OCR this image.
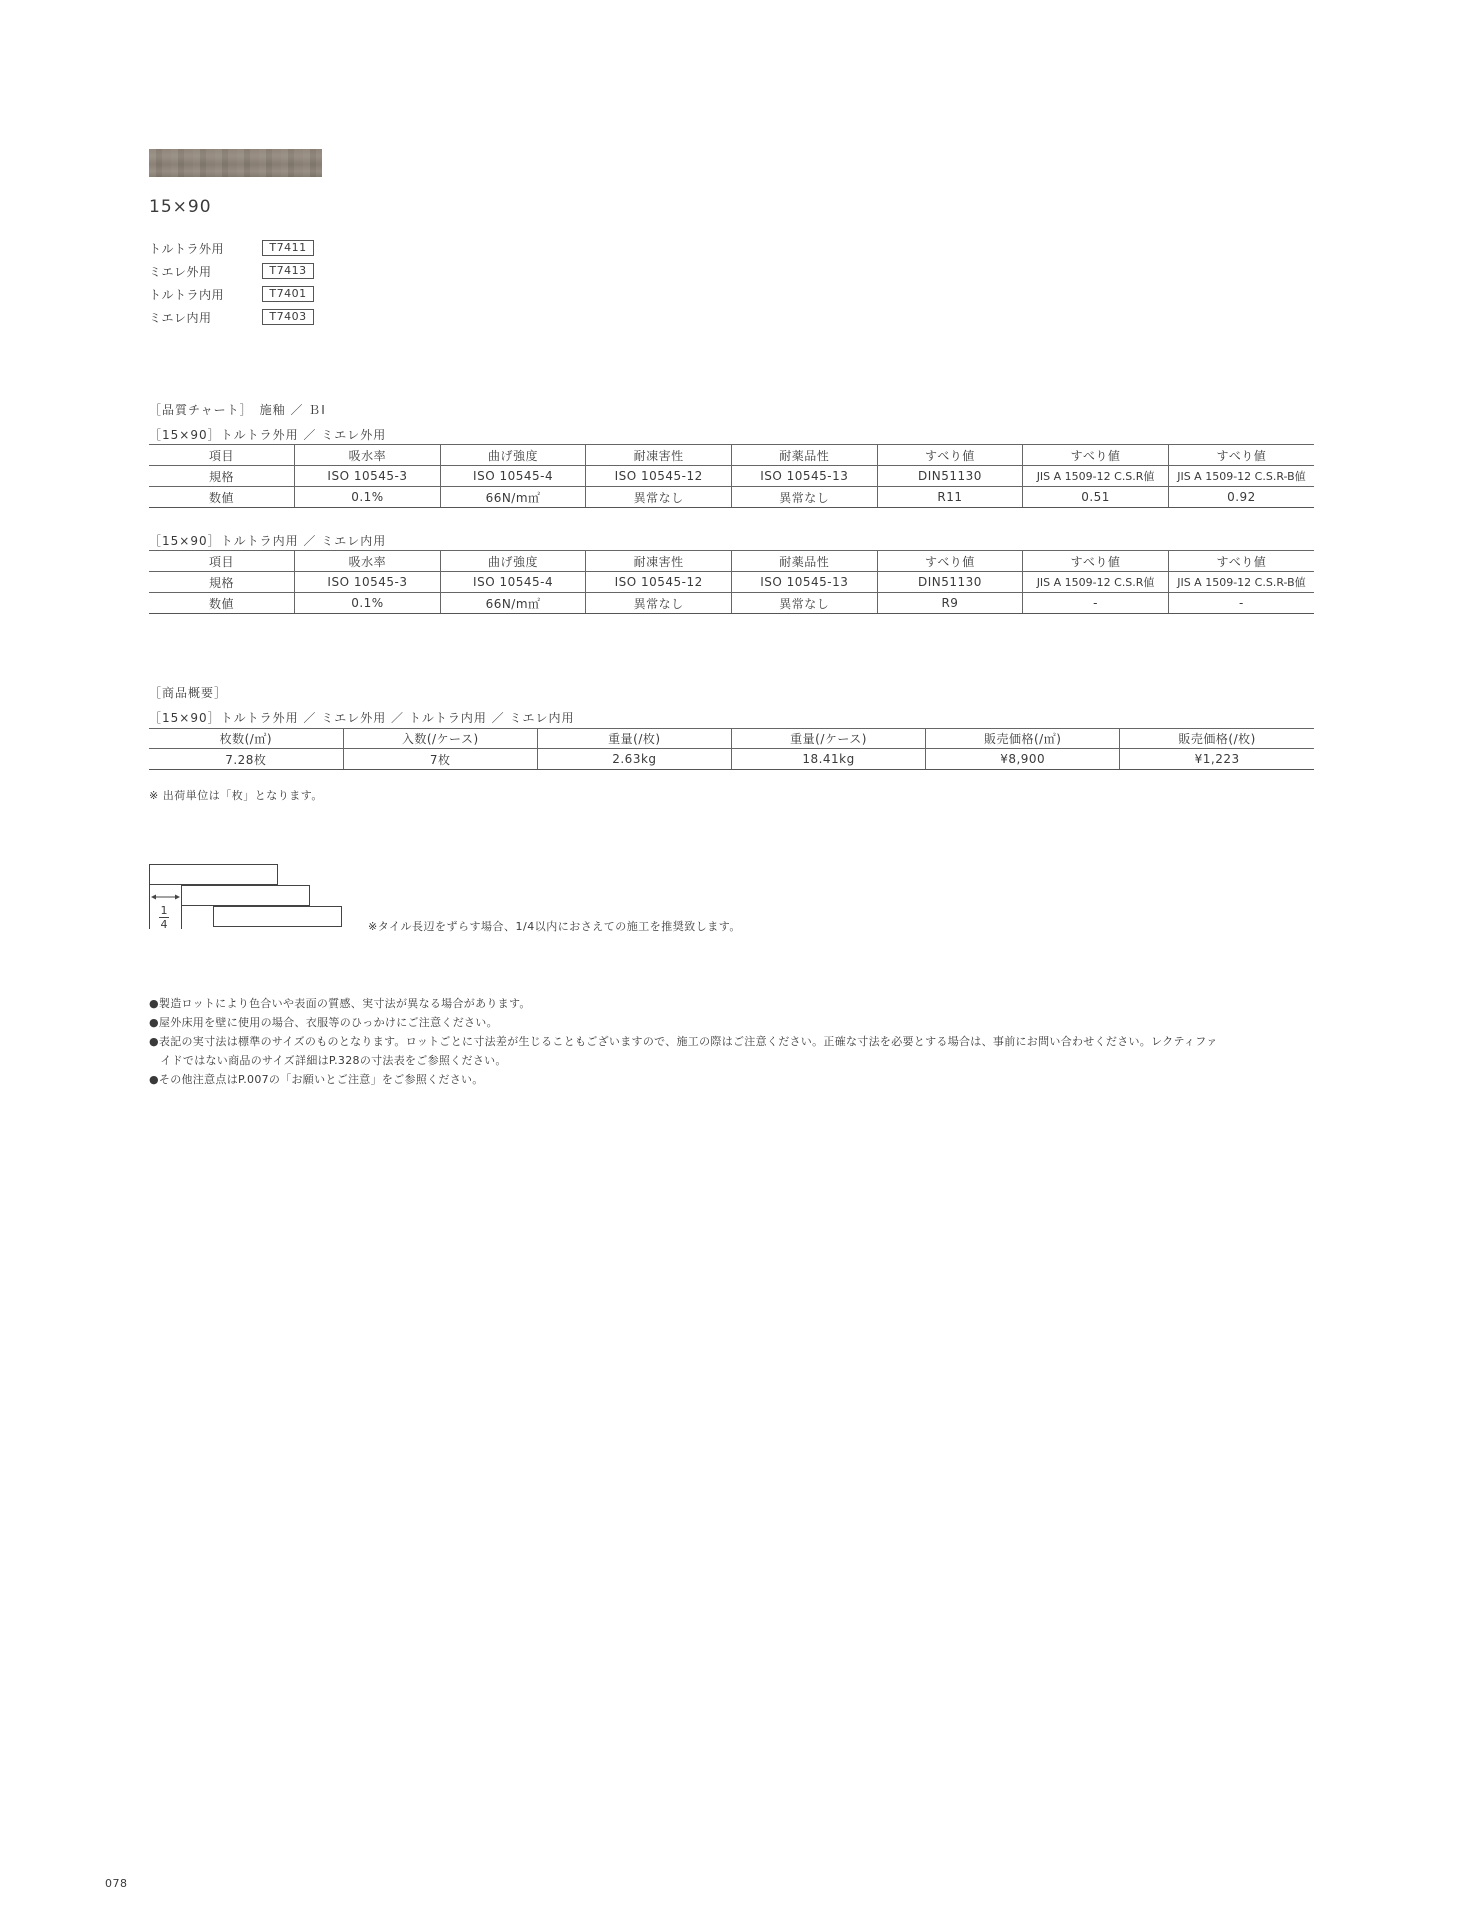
15×90
トルトラ外用	T7411
ミエレ外用	T7413
トルトラ内用	T7401
ミエレ内用	T7403
［品質チャート］　施釉 ／ ＢⅠ
［15×90］トルトラ外用 ／ ミエレ外用
項目	吸水率	曲げ強度	耐凍害性	耐薬品性	すべり値	すべり値	すべり値
規格	ISO 10545-3	ISO 10545-4	ISO 10545-12	ISO 10545-13	DIN51130	JIS A 1509-12 C.S.R値	JIS A 1509-12 C.S.R-B値
数値	0.1%	66N/m㎡	異常なし	異常なし	R11	0.51	0.92
［15×90］トルトラ内用 ／ ミエレ内用
項目	吸水率	曲げ強度	耐凍害性	耐薬品性	すべり値	すべり値	すべり値
規格	ISO 10545-3	ISO 10545-4	ISO 10545-12	ISO 10545-13	DIN51130	JIS A 1509-12 C.S.R値	JIS A 1509-12 C.S.R-B値
数値	0.1%	66N/m㎡	異常なし	異常なし	R9	-	-
［商品概要］
［15×90］トルトラ外用 ／ ミエレ外用 ／ トルトラ内用 ／ ミエレ内用
枚数(/㎡)	入数(/ケース)	重量(/枚)	重量(/ケース)	販売価格(/㎡)	販売価格(/枚)
7.28枚	7枚	2.63kg	18.41kg	¥8,900	¥1,223
※ 出荷単位は「枚」となります。
1
4	※タイル長辺をずらす場合、1/4以内におさえての施工を推奨致します。
●製造ロットにより色合いや表面の質感、実寸法が異なる場合があります。
●屋外床用を壁に使用の場合、衣服等のひっかけにご注意ください。
●表記の実寸法は標準のサイズのものとなります。ロットごとに寸法差が生じることもございますので、施工の際はご注意ください。正確な寸法を必要とする場合は、事前にお問い合わせください。レクティファ
　イドではない商品のサイズ詳細はP.328の寸法表をご参照ください。
●その他注意点はP.007の「お願いとご注意」をご参照ください。
078
